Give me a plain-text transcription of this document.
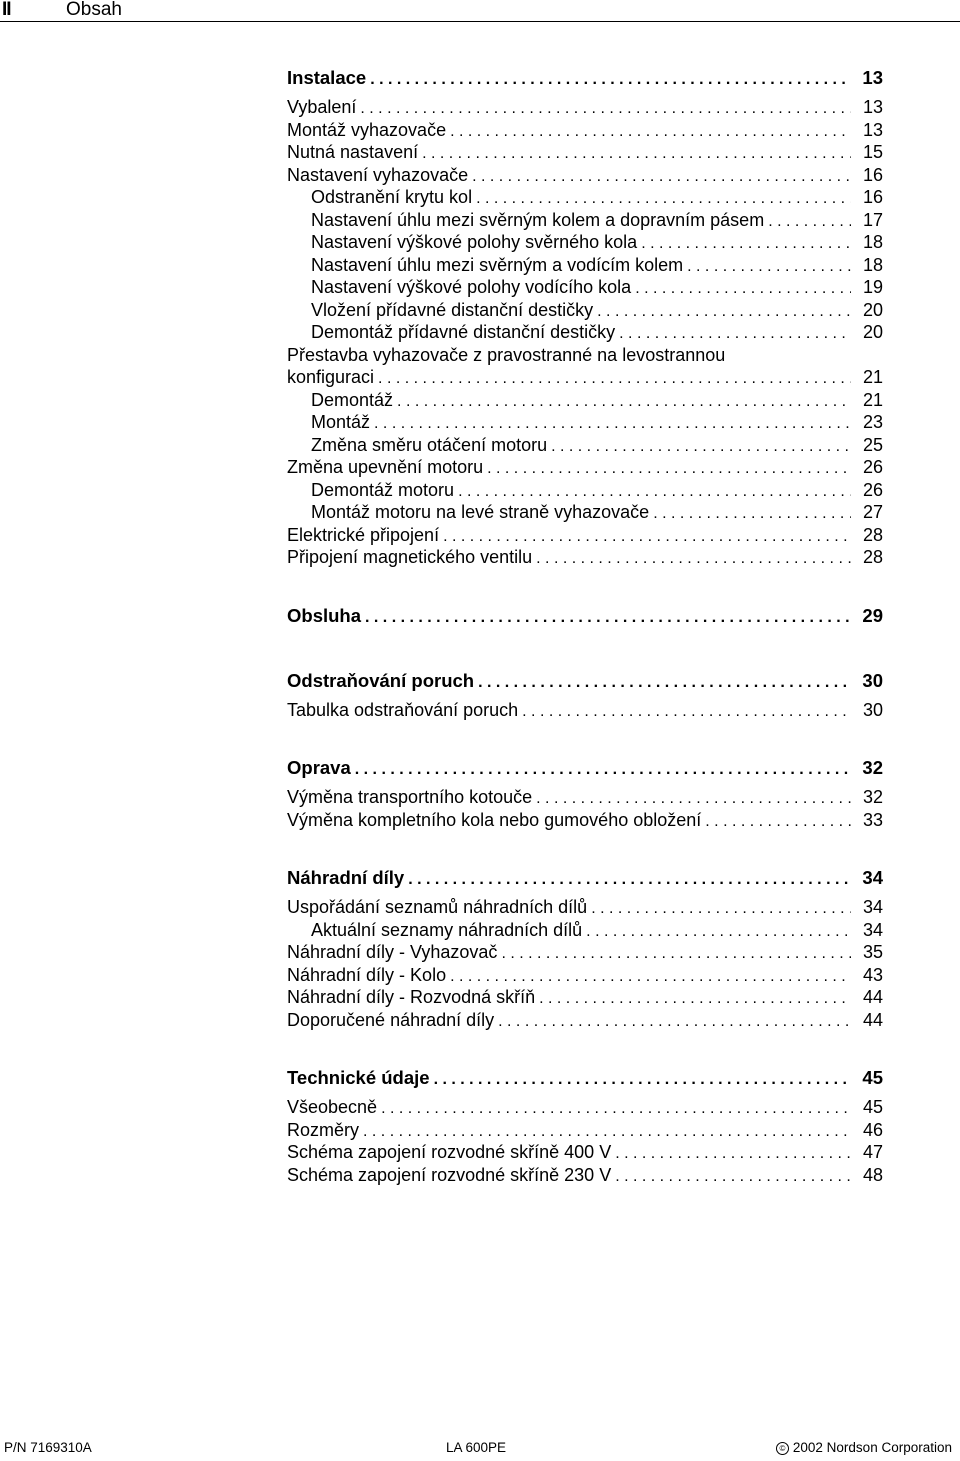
II	Obsah
Instalace . . .	13
Vybalení . . .	13
Montáž vyhazovače . . .	13
Nutná nastavení . . .	15
Nastavení vyhazovače . . .	16
Odstranění krytu kol . . .	16
Nastavení úhlu mezi svěrným kolem a dopravním pásem . . .	17
Nastavení výškové polohy svěrného kola . . .	18
Nastavení úhlu mezi svěrným a vodícím kolem . . .	18
Nastavení výškové polohy vodícího kola . . .	19
Vložení přídavné distanční destičky . . .	20
Demontáž přídavné distanční destičky . . .	20
Přestavba vyhazovače z pravostranné na levostrannou
konfiguraci . . .	21
Demontáž . . .	21
Montáž . . .	23
Změna směru otáčení motoru . . .	25
Změna upevnění motoru . . .	26
Demontáž motoru . . .	26
Montáž motoru na levé straně vyhazovače . . .	27
Elektrické připojení . . .	28
Připojení magnetického ventilu . . .	28
Obsluha . . .	29
Odstraňování poruch . . .	30
Tabulka odstraňování poruch . . .	30
Oprava . . .	32
Výměna transportního kotouče . . .	32
Výměna kompletního kola nebo gumového obložení . . .	33
Náhradní díly . . .	34
Uspořádání seznamů náhradních dílů . . .	34
Aktuální seznamy náhradních dílů . . .	34
Náhradní díly - Vyhazovač . . .	35
Náhradní díly - Kolo . . .	43
Náhradní díly - Rozvodná skříň . . .	44
Doporučené náhradní díly . . .	44
Technické údaje . . .	45
Všeobecně . . .	45
Rozměry . . .	46
Schéma zapojení rozvodné skříně 400 V . . .	47
Schéma zapojení rozvodné skříně 230 V . . .	48
P/N 7169310A	LA 600PE	© 2002 Nordson Corporation
